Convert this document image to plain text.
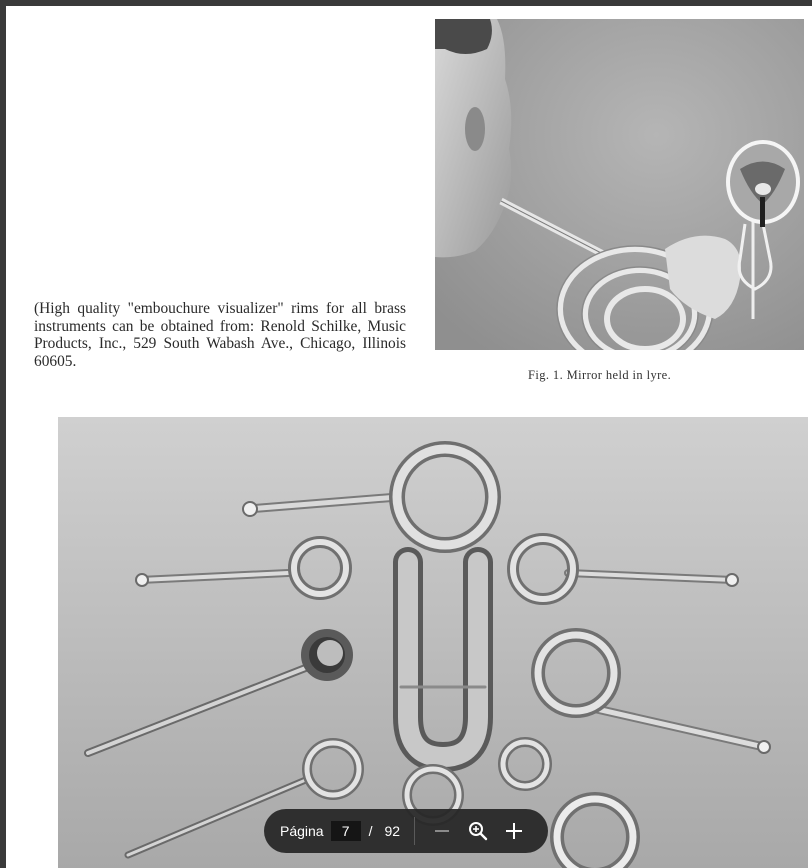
(High quality "embouchure visualizer" rims for all brass instruments can be obtained from: Renold Schilke, Music Products, Inc., 529 South Wabash Ave., Chicago, Illinois 60605.
Fig. 1. Mirror held in lyre.
Página
7	/ 92
